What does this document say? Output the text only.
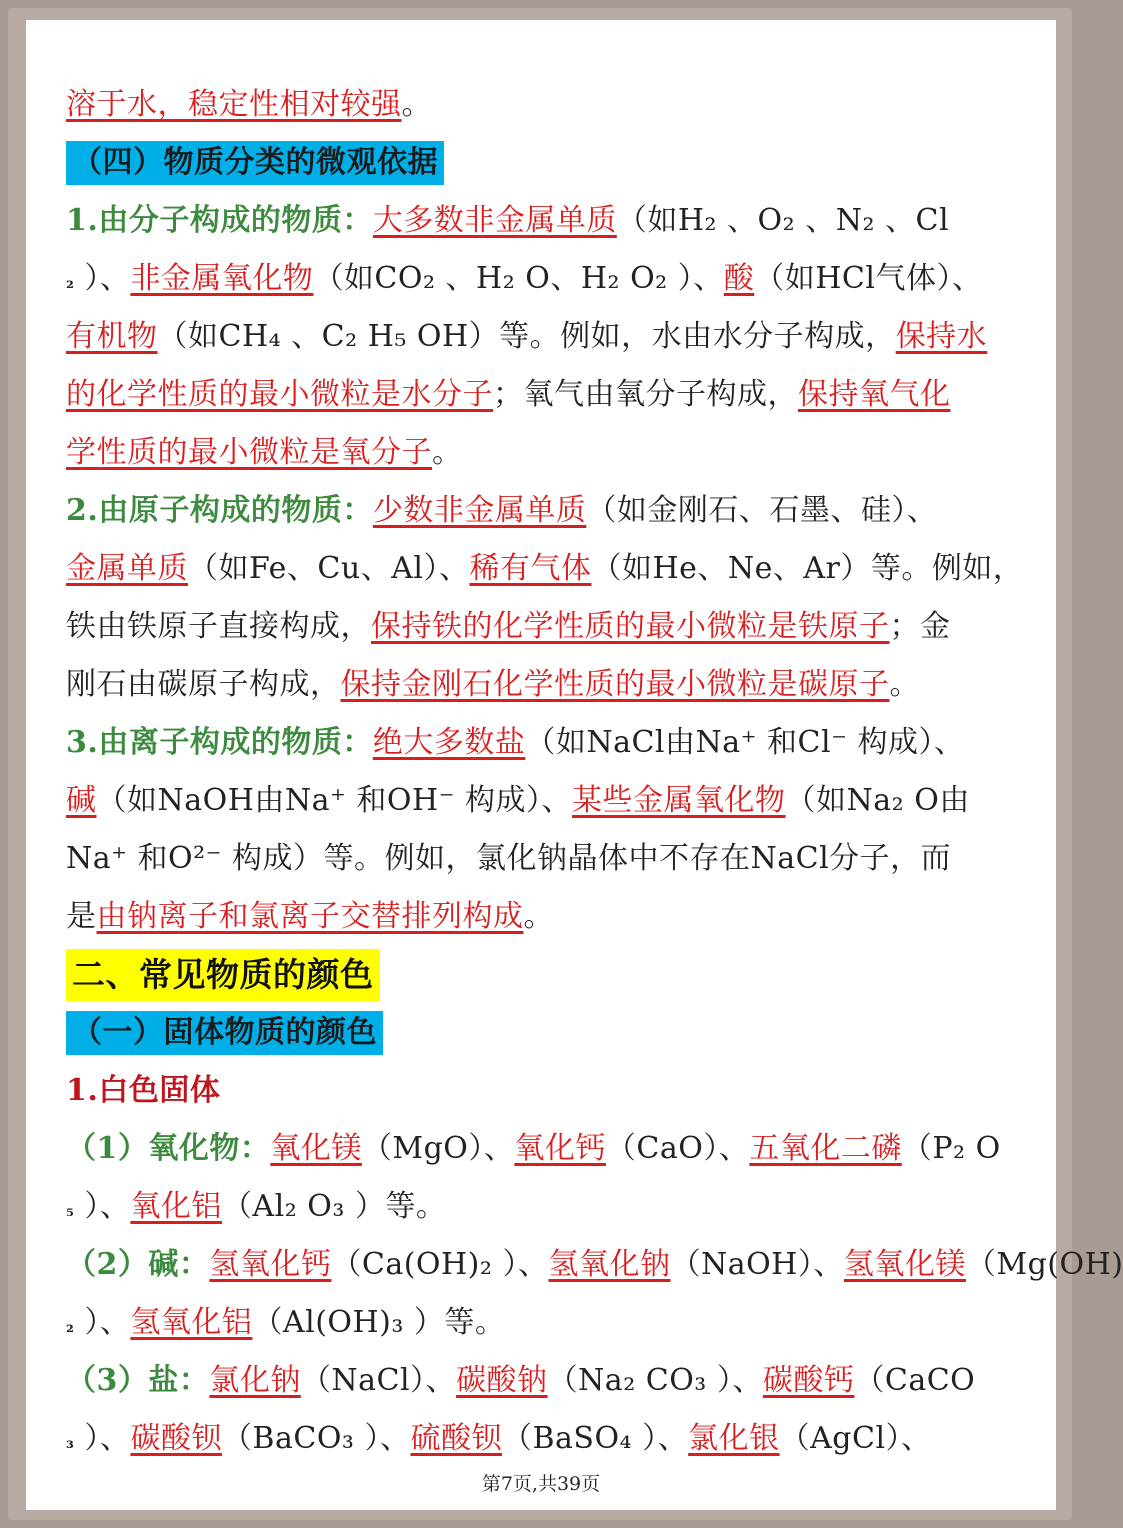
溶于水，稳定性相对较强。
（四）物质分类的微观依据
1.由分子构成的物质：大多数非金属单质（如H₂ 、O₂ 、N₂ 、Cl
₂ ）、非金属氧化物（如CO₂ 、H₂ O、H₂ O₂ ）、酸（如HCl气体）、
有机物（如CH₄ 、C₂ H₅ OH）等。例如，水由水分子构成，保持水
的化学性质的最小微粒是水分子；氧气由氧分子构成，保持氧气化
学性质的最小微粒是氧分子。
2.由原子构成的物质：少数非金属单质（如金刚石、石墨、硅）、
金属单质（如Fe、Cu、Al）、稀有气体（如He、Ne、Ar）等。例如，
铁由铁原子直接构成，保持铁的化学性质的最小微粒是铁原子；金
刚石由碳原子构成，保持金刚石化学性质的最小微粒是碳原子。
3.由离子构成的物质：绝大多数盐（如NaCl由Na⁺ 和Cl⁻ 构成）、
碱（如NaOH由Na⁺ 和OH⁻ 构成）、某些金属氧化物（如Na₂ O由
Na⁺ 和O²⁻ 构成）等。例如，氯化钠晶体中不存在NaCl分子，而
是由钠离子和氯离子交替排列构成。
二、常见物质的颜色
（一）固体物质的颜色
1.白色固体
（1）氧化物：氧化镁（MgO）、氧化钙（CaO）、五氧化二磷（P₂ O
₅ ）、氧化铝（Al₂ O₃ ）等。
（2）碱：氢氧化钙（Ca(OH)₂ ）、氢氧化钠（NaOH）、氢氧化镁（Mg(OH)
₂ ）、氢氧化铝（Al(OH)₃ ）等。
（3）盐：氯化钠（NaCl）、碳酸钠（Na₂ CO₃ ）、碳酸钙（CaCO
₃ ）、碳酸钡（BaCO₃ ）、硫酸钡（BaSO₄ ）、氯化银（AgCl）、
第7页,共39页
